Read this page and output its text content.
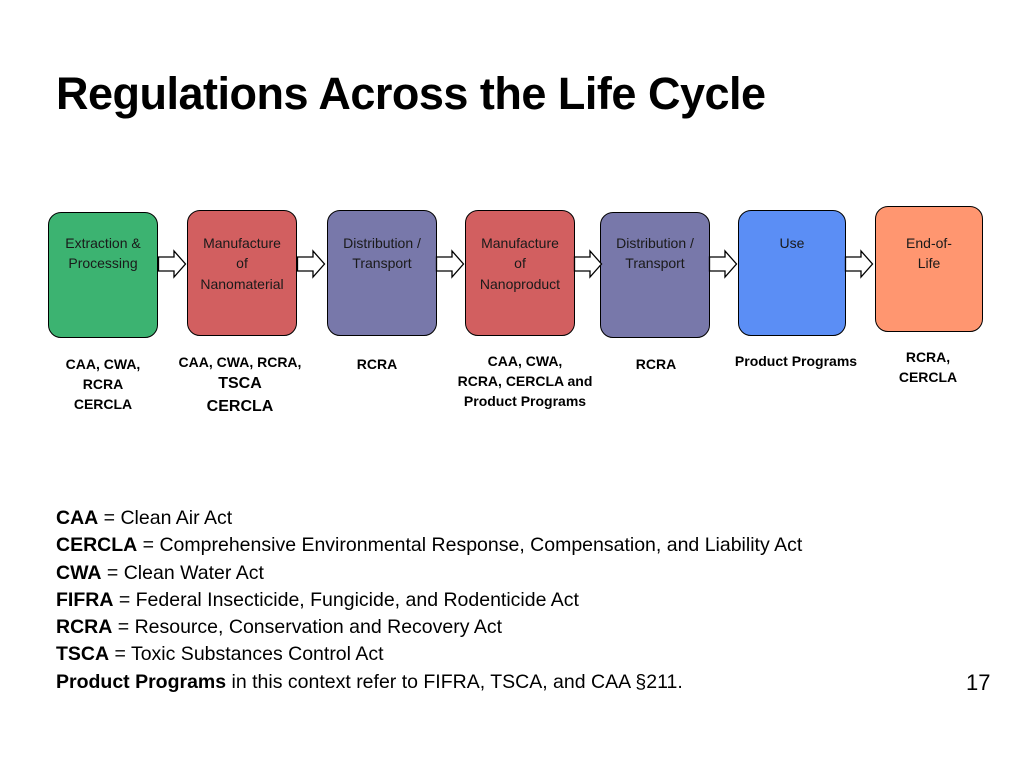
Regulations Across the Life Cycle
Extraction &
Processing
Manufacture
of
Nanomaterial
Distribution /
Transport
Manufacture
of
Nanoproduct
Distribution /
Transport
Use	End-of-
Life
CAA, CWA,
RCRA
CERCLA
CAA, CWA, RCRA,
TSCA
CERCLA
RCRA	CAA, CWA,
RCRA, CERCLA and
Product Programs
RCRA	Product Programs	RCRA,
CERCLA
CAA = Clean Air Act
CERCLA = Comprehensive Environmental Response, Compensation, and Liability Act
CWA = Clean Water Act
FIFRA = Federal Insecticide, Fungicide, and Rodenticide Act
RCRA = Resource, Conservation and Recovery Act
TSCA = Toxic Substances Control Act
Product Programs in this context refer to FIFRA, TSCA, and CAA §211.	17
